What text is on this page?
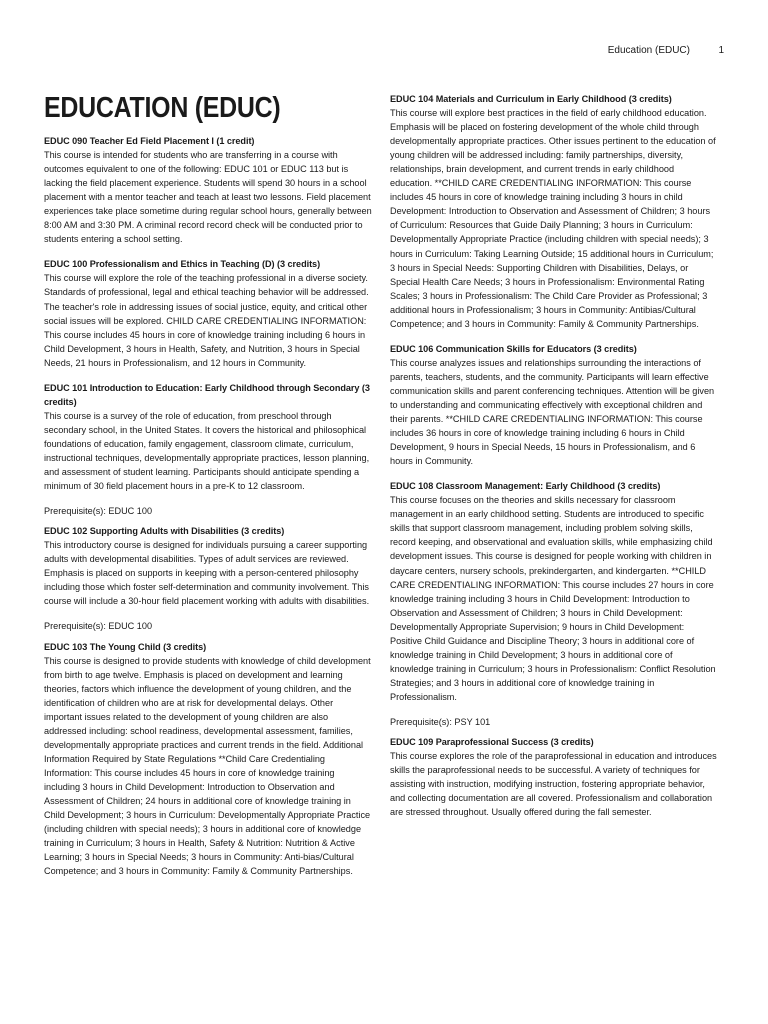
Education (EDUC)	1
EDUCATION (EDUC)
EDUC 090 Teacher Ed Field Placement I (1 credit)

This course is intended for students who are transferring in a course with outcomes equivalent to one of the following: EDUC 101 or EDUC 113 but is lacking the field placement experience. Students will spend 30 hours in a school placement with a mentor teacher and teach at least two lessons. Field placement experiences take place sometime during regular school hours, generally between 8:00 AM and 3:30 PM. A criminal record record check will be conducted prior to students entering a school setting.

EDUC 100 Professionalism and Ethics in Teaching (D) (3 credits)

This course will explore the role of the teaching professional in a diverse society. Standards of professional, legal and ethical teaching behavior will be addressed. The teacher's role in addressing issues of social justice, equity, and critical other social issues will be explored. CHILD CARE CREDENTIALING INFORMATION: This course includes 45 hours in core of knowledge training including 6 hours in Child Development, 3 hours in Health, Safety, and Nutrition, 3 hours in Special Needs, 21 hours in Professionalism, and 12 hours in Community.

EDUC 101 Introduction to Education: Early Childhood through Secondary (3 credits)

This course is a survey of the role of education, from preschool through secondary school, in the United States. It covers the historical and philosophical foundations of education, family engagement, classroom climate, curriculum, instructional techniques, developmentally appropriate practices, lesson planning, and assessment of student learning. Participants should anticipate spending a minimum of 30 field placement hours in a pre-K to 12 classroom.

Prerequisite(s): EDUC 100

EDUC 102 Supporting Adults with Disabilities (3 credits)

This introductory course is designed for individuals pursuing a career supporting adults with developmental disabilities. Types of adult services are reviewed. Emphasis is placed on supports in keeping with a person-centered philosophy including those which foster self-determination and community involvement. This course will include a 30-hour field placement working with adults with disabilities.

Prerequisite(s): EDUC 100

EDUC 103 The Young Child (3 credits)

This course is designed to provide students with knowledge of child development from birth to age twelve. Emphasis is placed on development and learning theories, factors which influence the development of young children, and the identification of children who are at risk for developmental delays. Other important issues related to the development of young children are also addressed including: school readiness, developmental assessment, families, developmentally appropriate practices and current trends in the field. Additional Information Required by State Regulations **Child Care Credentialing Information: This course includes 45 hours in core of knowledge training including 3 hours in Child Development: Introduction to Observation and Assessment of Children; 24 hours in additional core of knowledge training in Child Development; 3 hours in Curriculum: Developmentally Appropriate Practice (including children with special needs); 3 hours in additional core of knowledge training in Curriculum; 3 hours in Health, Safety & Nutrition: Nutrition & Active Learning; 3 hours in Special Needs; 3 hours in Community: Anti-bias/Cultural Competence; and 3 hours in Community: Family & Community Partnerships.

EDUC 104 Materials and Curriculum in Early Childhood (3 credits)

This course will explore best practices in the field of early childhood education. Emphasis will be placed on fostering development of the whole child through developmentally appropriate practices. Other issues pertinent to the education of young children will be addressed including: family partnerships, diversity, relationships, brain development, and current trends in early childhood education. **CHILD CARE CREDENTIALING INFORMATION: This course includes 45 hours in core of knowledge training including 3 hours in child Development: Introduction to Observation and Assessment of Children; 3 hours of Curriculum: Resources that Guide Daily Planning; 3 hours in Curriculum: Developmentally Appropriate Practice (including children with special needs); 3 hours in Curriculum: Taking Learning Outside; 15 additional hours in Curriculum; 3 hours in Special Needs: Supporting Children with Disabilities, Delays, or Special Health Care Needs; 3 hours in Professionalism: Environmental Rating Scales; 3 hours in Professionalism: The Child Care Provider as Professional; 3 additional hours in Professionalism; 3 hours in Community: Antibias/Cultural Competence; and 3 hours in Community: Family & Community Partnerships.

EDUC 106 Communication Skills for Educators (3 credits)

This course analyzes issues and relationships surrounding the interactions of parents, teachers, students, and the community. Participants will learn effective communication skills and parent conferencing techniques. Attention will be given to understanding and communicating effectively with exceptional children and their parents. **CHILD CARE CREDENTIALING INFORMATION: This course includes 36 hours in core of knowledge training including 6 hours in Child Development, 9 hours in Special Needs, 15 hours in Professionalism, and 6 hours in Community.

EDUC 108 Classroom Management: Early Childhood (3 credits)

This course focuses on the theories and skills necessary for classroom management in an early childhood setting. Students are introduced to specific skills that support classroom management, including problem solving skills, record keeping, and observational and evaluation skills, while emphasizing child development issues. This course is designed for people working with children in daycare centers, nursery schools, prekindergarten, and kindergarten. **CHILD CARE CREDENTIALING INFORMATION: This course includes 27 hours in core knowledge training including 3 hours in Child Development: Introduction to Observation and Assessment of Children; 3 hours in Child Development: Developmentally Appropriate Supervision; 9 hours in Child Development: Positive Child Guidance and Discipline Theory; 3 hours in additional core of knowledge training in Child Development; 3 hours in additional core of knowledge training in Curriculum; 3 hours in Professionalism: Conflict Resolution Strategies; and 3 hours in additional core of knowledge training in Professionalism.

Prerequisite(s): PSY 101

EDUC 109 Paraprofessional Success (3 credits)

This course explores the role of the paraprofessional in education and introduces skills the paraprofessional needs to be successful. A variety of techniques for assisting with instruction, modifying instruction, fostering appropriate behavior, and collecting documentation are all covered. Professionalism and collaboration are stressed throughout. Usually offered during the fall semester.
